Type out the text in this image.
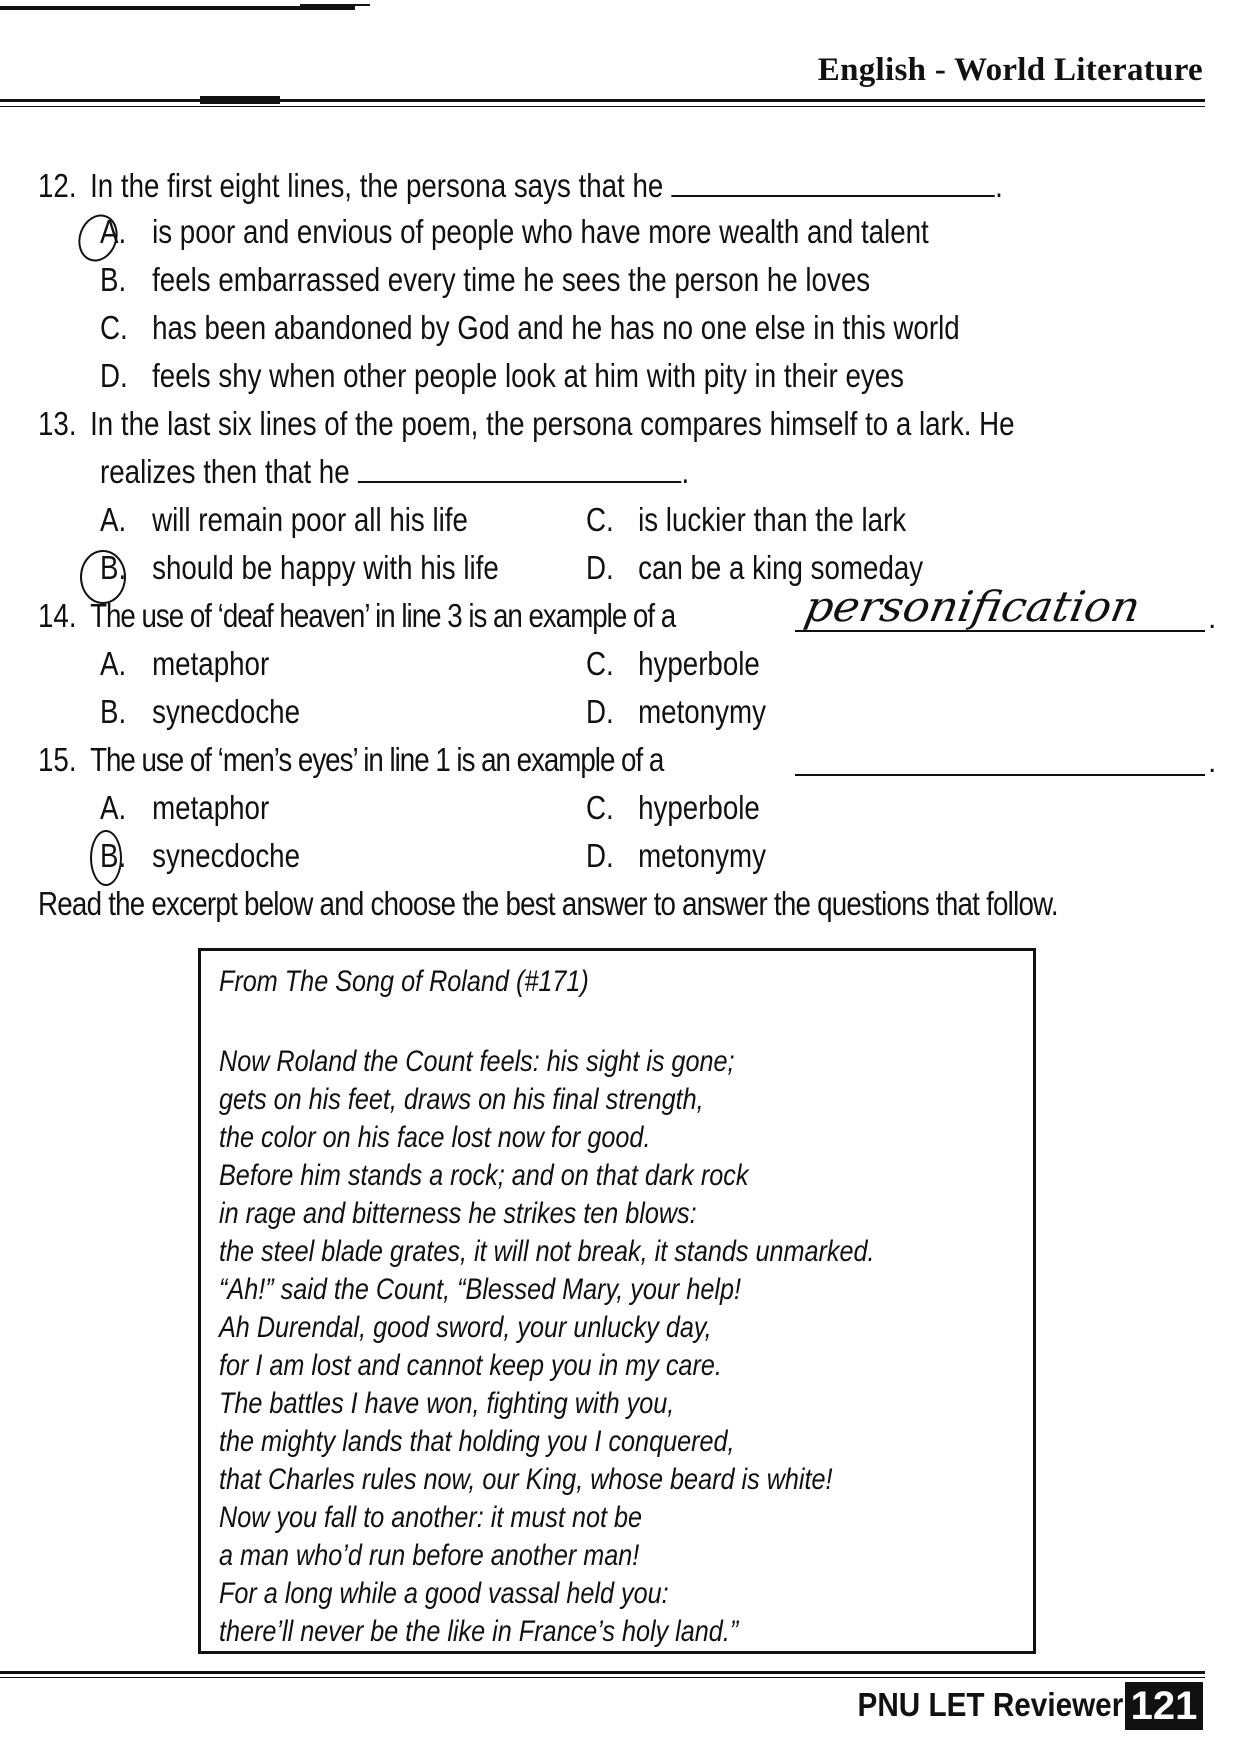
English - World Literature
12. In the first eight lines, the persona says that he	.
A. is poor and envious of people who have more wealth and talent
B. feels embarrassed every time he sees the person he loves
C. has been abandoned by God and he has no one else in this world
D. feels shy when other people look at him with pity in their eyes
13. In the last six lines of the poem, the persona compares himself to a lark. He
realizes then that he	.
A. will remain poor all his life	C. is luckier than the lark
B. should be happy with his life	D. can be a king someday
14. The use of ‘deaf heaven’ in line 3 is an example of a	.
personification
A. metaphor	C. hyperbole
B. synecdoche	D. metonymy
15. The use of ‘men’s eyes’ in line 1 is an example of a	.
A. metaphor	C. hyperbole
B. synecdoche	D. metonymy
Read the excerpt below and choose the best answer to answer the questions that follow.
From The Song of Roland (#171)
Now Roland the Count feels: his sight is gone;
gets on his feet, draws on his final strength,
the color on his face lost now for good.
Before him stands a rock; and on that dark rock
in rage and bitterness he strikes ten blows:
the steel blade grates, it will not break, it stands unmarked.
“Ah!” said the Count, “Blessed Mary, your help!
Ah Durendal, good sword, your unlucky day,
for I am lost and cannot keep you in my care.
The battles I have won, fighting with you,
the mighty lands that holding you I conquered,
that Charles rules now, our King, whose beard is white!
Now you fall to another: it must not be
a man who’d run before another man!
For a long while a good vassal held you:
there’ll never be the like in France’s holy land.”
PNU LET Reviewer 121
